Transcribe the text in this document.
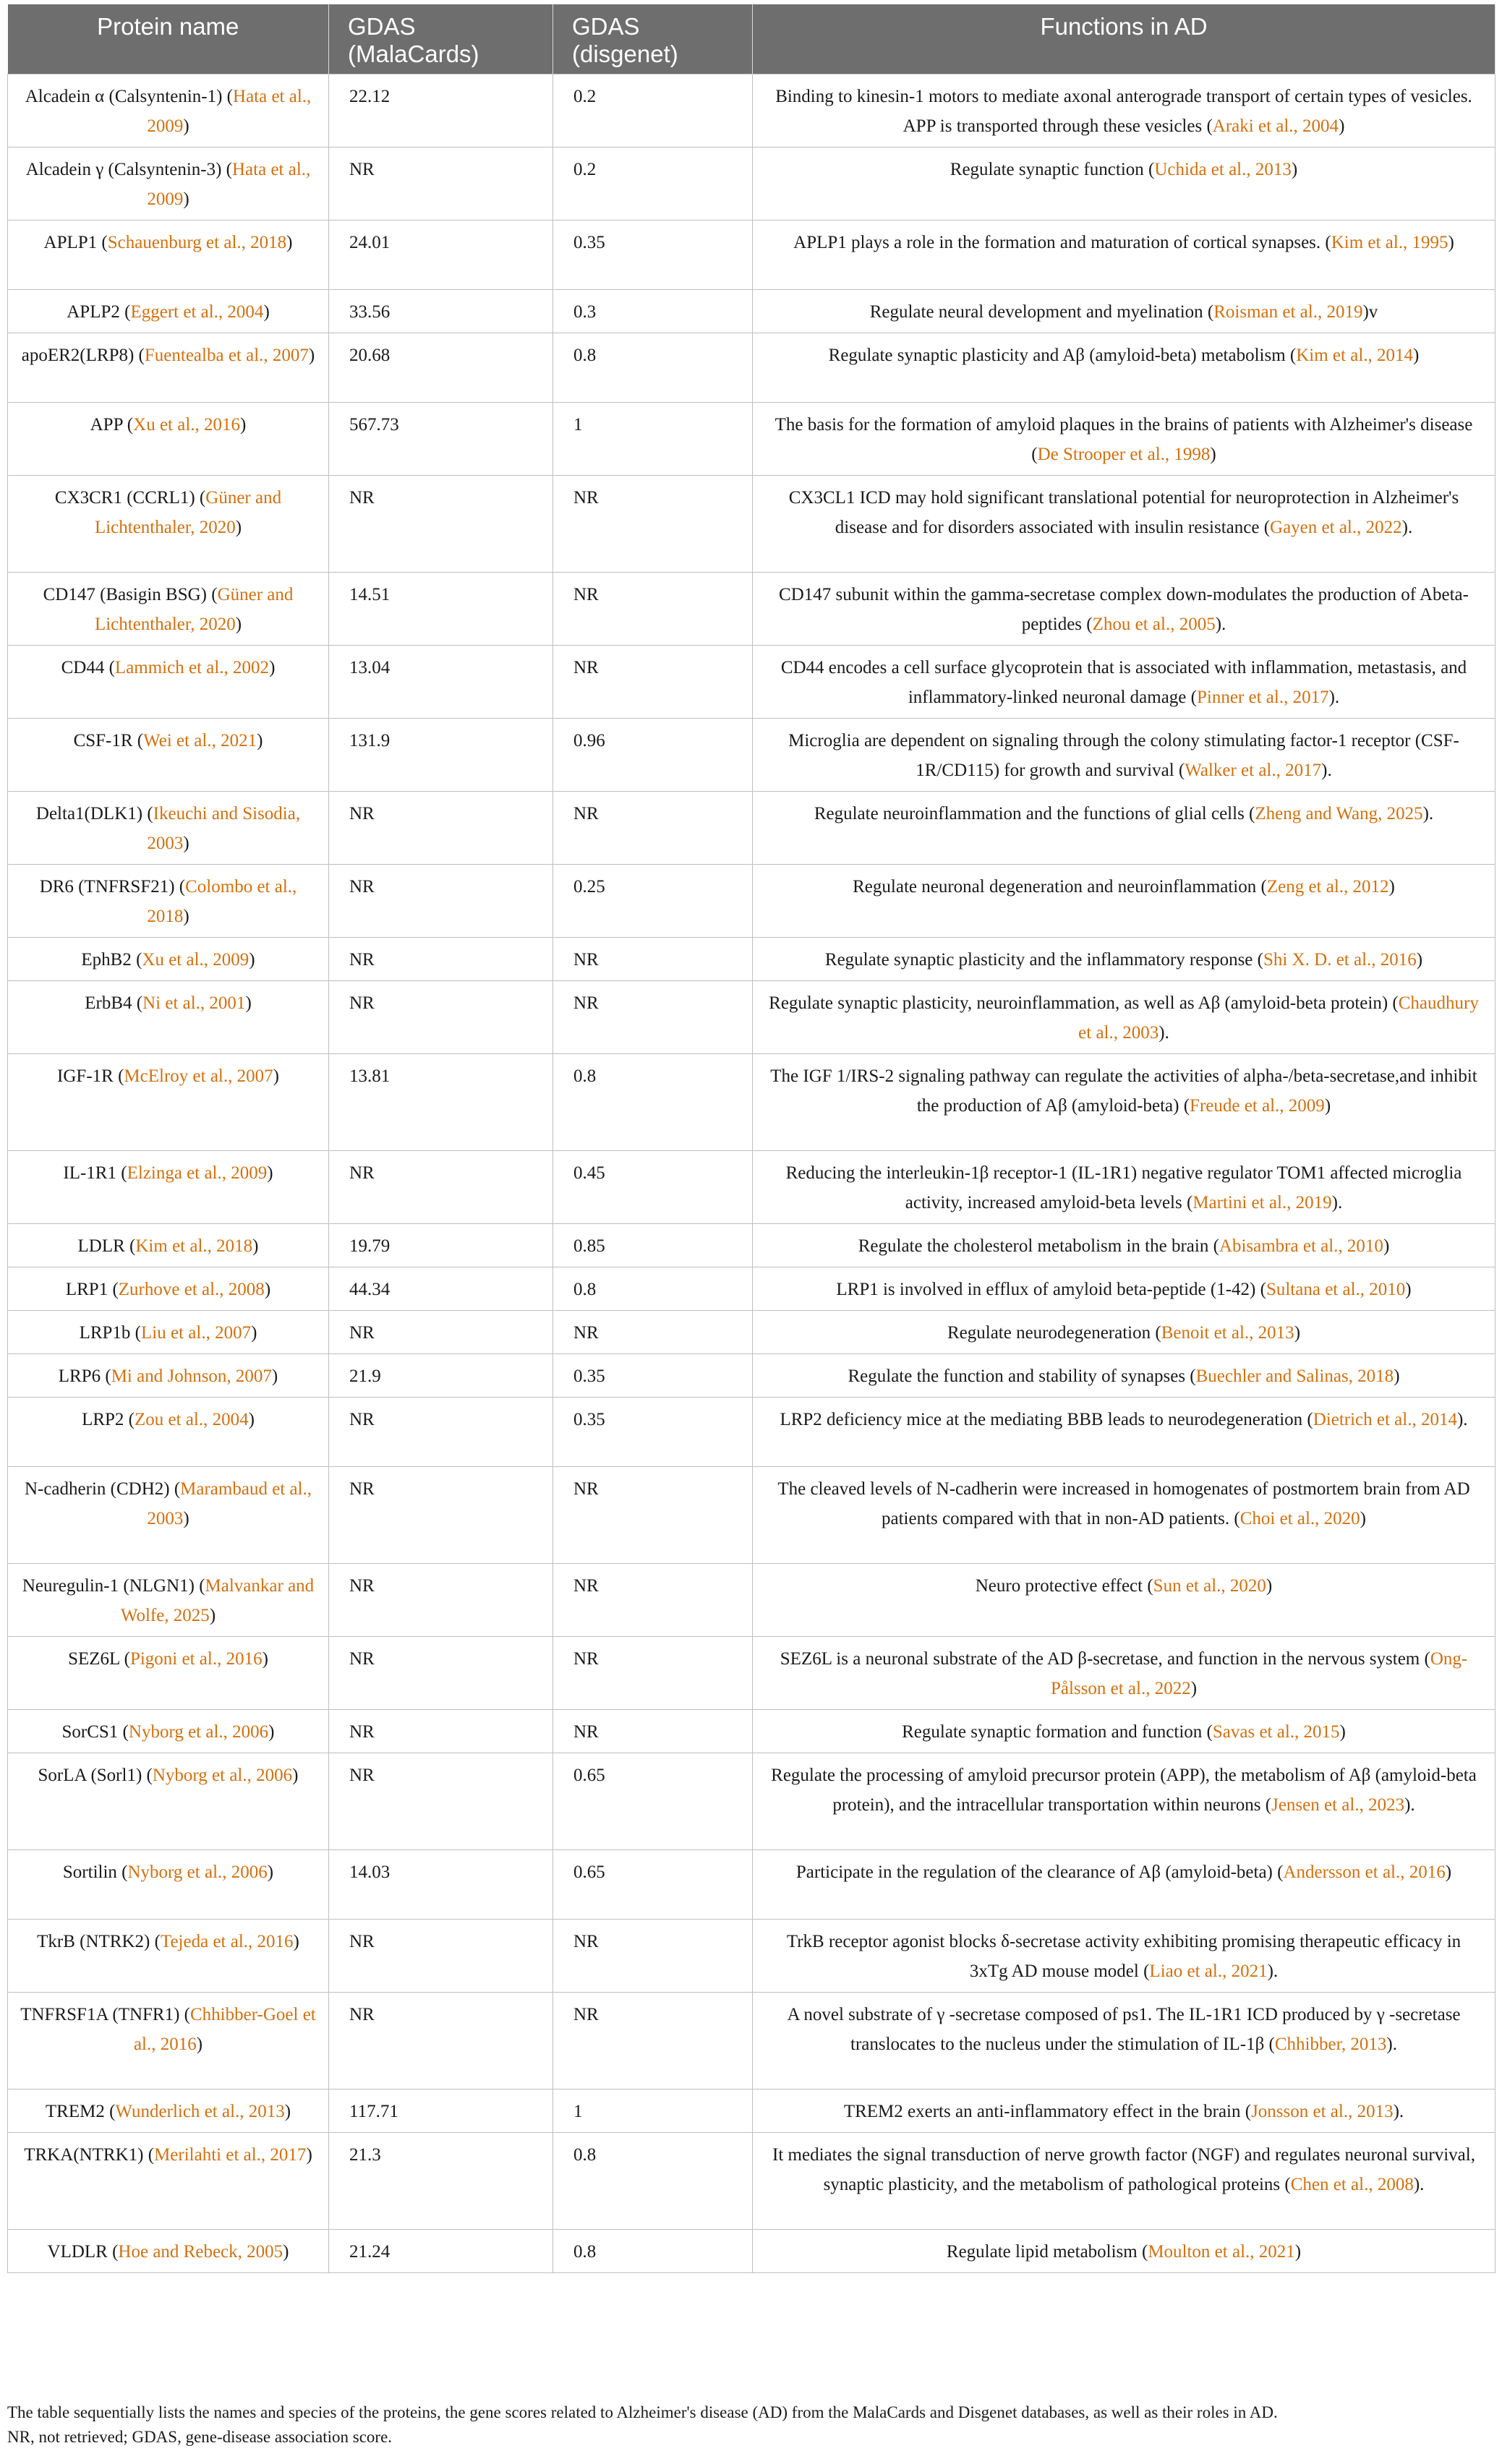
Protein name	GDAS (MalaCards)	GDAS (disgenet)	Functions in AD
Alcadein α (Calsyntenin-1) (Hata et al., 2009)	22.12	0.2	Binding to kinesin-1 motors to mediate axonal anterograde transport of certain types of vesicles. APP is transported through these vesicles (Araki et al., 2004)
Alcadein γ (Calsyntenin-3) (Hata et al., 2009)	NR	0.2	Regulate synaptic function (Uchida et al., 2013)
APLP1 (Schauenburg et al., 2018)	24.01	0.35	APLP1 plays a role in the formation and maturation of cortical synapses. (Kim et al., 1995)
APLP2 (Eggert et al., 2004)	33.56	0.3	Regulate neural development and myelination (Roisman et al., 2019)v
apoER2(LRP8) (Fuentealba et al., 2007)	20.68	0.8	Regulate synaptic plasticity and Aβ (amyloid-beta) metabolism (Kim et al., 2014)
APP (Xu et al., 2016)	567.73	1	The basis for the formation of amyloid plaques in the brains of patients with Alzheimer's disease (De Strooper et al., 1998)
CX3CR1 (CCRL1) (Güner and Lichtenthaler, 2020)	NR	NR	CX3CL1 ICD may hold significant translational potential for neuroprotection in Alzheimer's disease and for disorders associated with insulin resistance (Gayen et al., 2022).
CD147 (Basigin BSG) (Güner and Lichtenthaler, 2020)	14.51	NR	CD147 subunit within the gamma-secretase complex down-modulates the production of Abeta-peptides (Zhou et al., 2005).
CD44 (Lammich et al., 2002)	13.04	NR	CD44 encodes a cell surface glycoprotein that is associated with inflammation, metastasis, and inflammatory-linked neuronal damage (Pinner et al., 2017).
CSF-1R (Wei et al., 2021)	131.9	0.96	Microglia are dependent on signaling through the colony stimulating factor-1 receptor (CSF-1R/CD115) for growth and survival (Walker et al., 2017).
Delta1(DLK1) (Ikeuchi and Sisodia, 2003)	NR	NR	Regulate neuroinflammation and the functions of glial cells (Zheng and Wang, 2025).
DR6 (TNFRSF21) (Colombo et al., 2018)	NR	0.25	Regulate neuronal degeneration and neuroinflammation (Zeng et al., 2012)
EphB2 (Xu et al., 2009)	NR	NR	Regulate synaptic plasticity and the inflammatory response (Shi X. D. et al., 2016)
ErbB4 (Ni et al., 2001)	NR	NR	Regulate synaptic plasticity, neuroinflammation, as well as Aβ (amyloid-beta protein) (Chaudhury et al., 2003).
IGF-1R (McElroy et al., 2007)	13.81	0.8	The IGF 1/IRS-2 signaling pathway can regulate the activities of alpha-/beta-secretase,and inhibit the production of Aβ (amyloid-beta) (Freude et al., 2009)
IL-1R1 (Elzinga et al., 2009)	NR	0.45	Reducing the interleukin-1β receptor-1 (IL-1R1) negative regulator TOM1 affected microglia activity, increased amyloid-beta levels (Martini et al., 2019).
LDLR (Kim et al., 2018)	19.79	0.85	Regulate the cholesterol metabolism in the brain (Abisambra et al., 2010)
LRP1 (Zurhove et al., 2008)	44.34	0.8	LRP1 is involved in efflux of amyloid beta-peptide (1-42) (Sultana et al., 2010)
LRP1b (Liu et al., 2007)	NR	NR	Regulate neurodegeneration (Benoit et al., 2013)
LRP6 (Mi and Johnson, 2007)	21.9	0.35	Regulate the function and stability of synapses (Buechler and Salinas, 2018)
LRP2 (Zou et al., 2004)	NR	0.35	LRP2 deficiency mice at the mediating BBB leads to neurodegeneration (Dietrich et al., 2014).
N-cadherin (CDH2) (Marambaud et al., 2003)	NR	NR	The cleaved levels of N-cadherin were increased in homogenates of postmortem brain from AD patients compared with that in non-AD patients. (Choi et al., 2020)
Neuregulin-1 (NLGN1) (Malvankar and Wolfe, 2025)	NR	NR	Neuro protective effect (Sun et al., 2020)
SEZ6L (Pigoni et al., 2016)	NR	NR	SEZ6L is a neuronal substrate of the AD β-secretase, and function in the nervous system (Ong-Pålsson et al., 2022)
SorCS1 (Nyborg et al., 2006)	NR	NR	Regulate synaptic formation and function (Savas et al., 2015)
SorLA (Sorl1) (Nyborg et al., 2006)	NR	0.65	Regulate the processing of amyloid precursor protein (APP), the metabolism of Aβ (amyloid-beta protein), and the intracellular transportation within neurons (Jensen et al., 2023).
Sortilin (Nyborg et al., 2006)	14.03	0.65	Participate in the regulation of the clearance of Aβ (amyloid-beta) (Andersson et al., 2016)
TkrB (NTRK2) (Tejeda et al., 2016)	NR	NR	TrkB receptor agonist blocks δ-secretase activity exhibiting promising therapeutic efficacy in 3xTg AD mouse model (Liao et al., 2021).
TNFRSF1A (TNFR1) (Chhibber-Goel et al., 2016)	NR	NR	A novel substrate of γ -secretase composed of ps1. The IL-1R1 ICD produced by γ -secretase translocates to the nucleus under the stimulation of IL-1β (Chhibber, 2013).
TREM2 (Wunderlich et al., 2013)	117.71	1	TREM2 exerts an anti-inflammatory effect in the brain (Jonsson et al., 2013).
TRKA(NTRK1) (Merilahti et al., 2017)	21.3	0.8	It mediates the signal transduction of nerve growth factor (NGF) and regulates neuronal survival, synaptic plasticity, and the metabolism of pathological proteins (Chen et al., 2008).
VLDLR (Hoe and Rebeck, 2005)	21.24	0.8	Regulate lipid metabolism (Moulton et al., 2021)
The table sequentially lists the names and species of the proteins, the gene scores related to Alzheimer's disease (AD) from the MalaCards and Disgenet databases, as well as their roles in AD.
NR, not retrieved; GDAS, gene-disease association score.
